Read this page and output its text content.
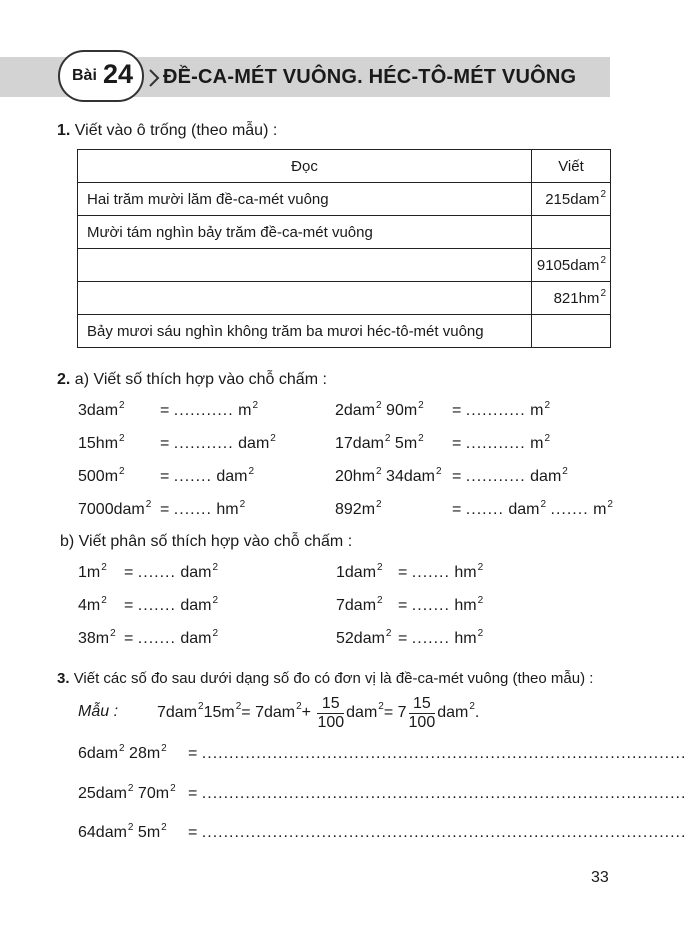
Bài 24 ĐỀ-CA-MÉT VUÔNG. HÉC-TÔ-MÉT VUÔNG
1. Viết vào ô trống (theo mẫu) :
Đọc	Viết
Hai trăm mười lăm đề-ca-mét vuông	215dam$^2$
Mười tám nghìn bảy trăm đề-ca-mét vuông	
	9105dam$^2$
	$821hm^2$
Bảy mươi sáu nghìn không trăm ba mươi héc-tô-mét vuông	
2. a) Viết số thích hợp vào chỗ chấm :
3dam$^2$ = ........... $m^2$
$15hm^2$ = ........... dam$^2$
$500m^2$ = ....... dam$^2$
7000dam$^2$ = ....... $hm^2$
2dam$^2$ $90m^2$ = ........... $m^2$
17dam$^2$ $5m^2$ = ........... $m^2$
$20hm^2$ 34dam$^2$ = ........... dam$^2$
$892m^2$	= ....... dam$^2$ ....... $m^2$
b) Viết phân số thích hợp vào chỗ chấm :
$1m^2$ = ....... dam$^2$
$4m^2$ = ....... dam$^2$
$38m^2$ = ....... dam$^2$
1dam$^2$ = ....... $hm^2$
7dam$^2$ = ....... $hm^2$
52dam$^2$ = ....... $hm^2$
3. Viết các số đo sau dưới dạng số đo có đơn vị là đề-ca-mét vuông (theo mẫu) :
Mẫu : 7dam$^2$ $15m^2 = 7dam^2$ +
$\frac{15}{100} dam^2 = 7 \frac{15}{100} dam^2$ .
6dam$^2$ $28m^2$ = .........................................................................................
25dam$^2$ $70m^2$ = .........................................................................................
64dam$^2$ $5m^2$ = .........................................................................................
33
